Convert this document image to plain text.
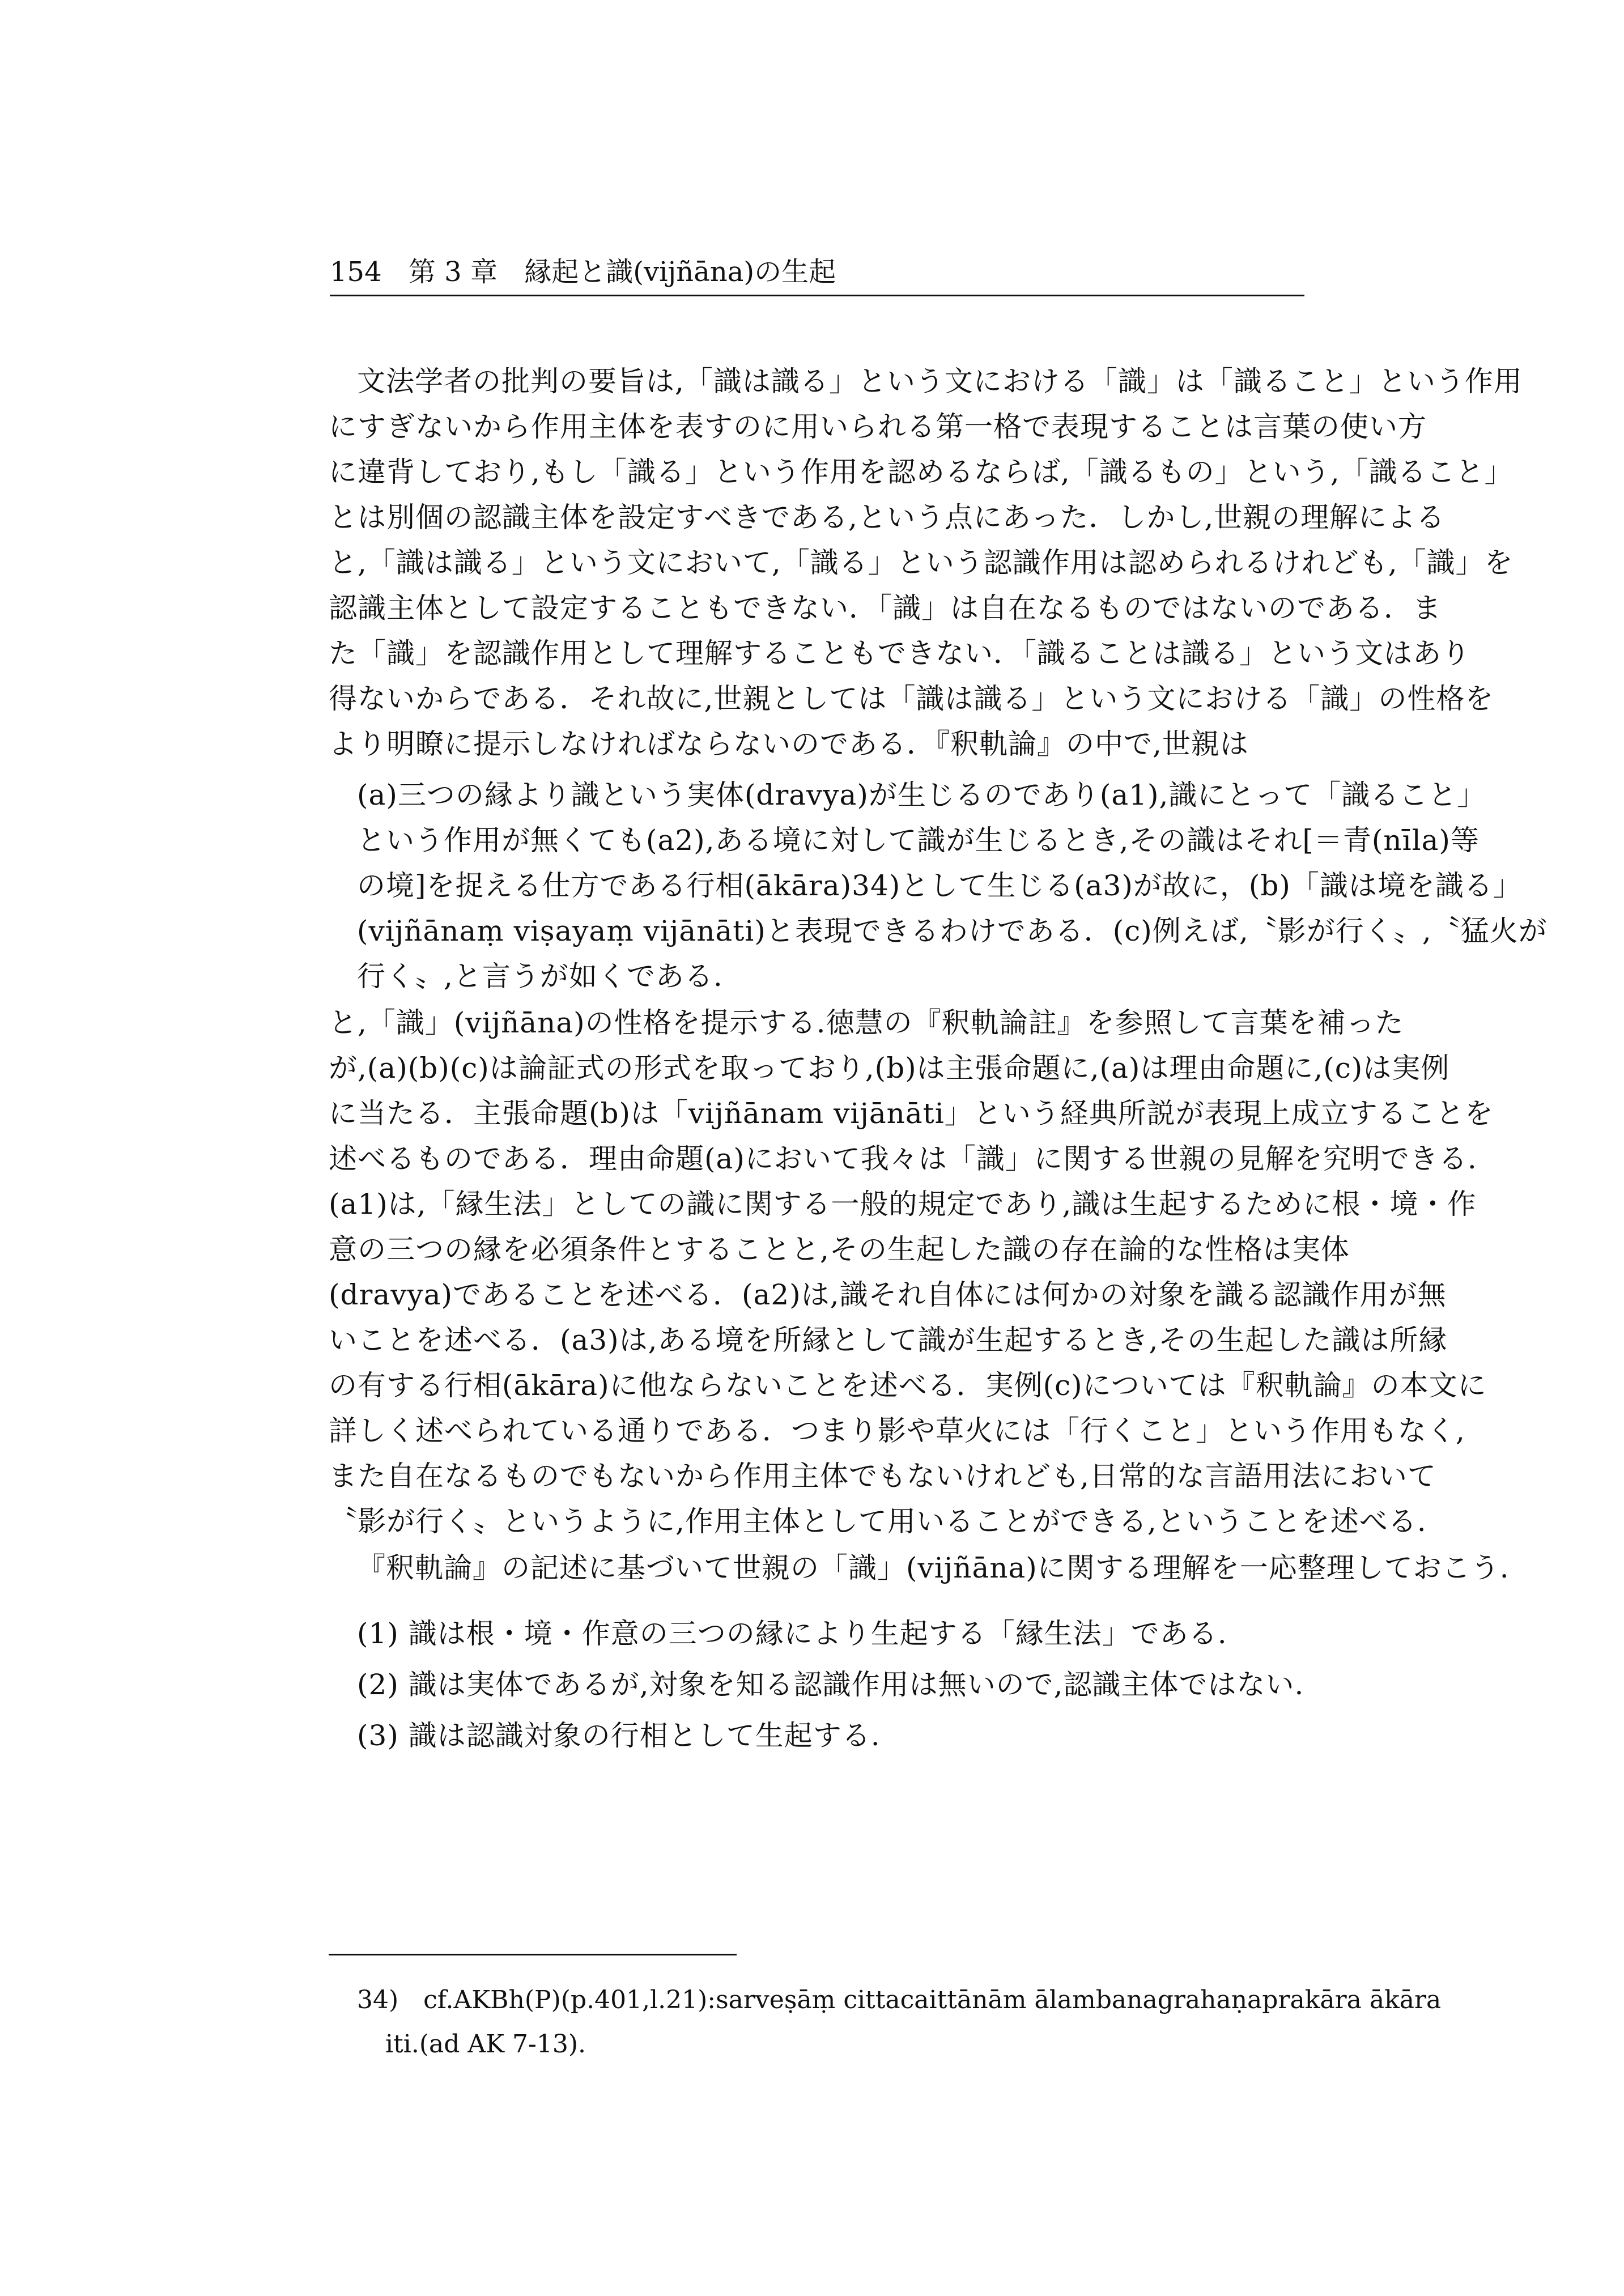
154 第 3 章 縁起と識(vijñāna)の生起
文法学者の批判の要旨は,「識は識る」という文における「識」は「識ること」という作用
にすぎないから作用主体を表すのに用いられる第一格で表現することは言葉の使い方
に違背しており,もし「識る」という作用を認めるならば,「識るもの」という,「識ること」
とは別個の認識主体を設定すべきである,という点にあった．しかし,世親の理解による
と,「識は識る」という文において,「識る」という認識作用は認められるけれども,「識」を
認識主体として設定することもできない．「識」は自在なるものではないのである．ま
た「識」を認識作用として理解することもできない．「識ることは識る」という文はあり
得ないからである．それ故に,世親としては「識は識る」という文における「識」の性格を
より明瞭に提示しなければならないのである．『釈軌論』の中で,世親は
(a)三つの縁より識という実体(dravya)が生じるのであり(a1),識にとって「識ること」
という作用が無くても(a2),ある境に対して識が生じるとき,その識はそれ[＝青(nīla)等
の境]を捉える仕方である行相(ākāra)34)として生じる(a3)が故に，(b)「識は境を識る」
(vijñānaṃ viṣayaṃ vijānāti)と表現できるわけである．(c)例えば,〝影が行く〟,〝猛火が
行く〟,と言うが如くである.
と,「識」(vijñāna)の性格を提示する.徳慧の『釈軌論註』を参照して言葉を補った
が,(a)(b)(c)は論証式の形式を取っており,(b)は主張命題に,(a)は理由命題に,(c)は実例
に当たる．主張命題(b)は「vijñānam vijānāti」という経典所説が表現上成立することを
述べるものである．理由命題(a)において我々は「識」に関する世親の見解を究明できる.
(a1)は,「縁生法」としての識に関する一般的規定であり,識は生起するために根・境・作
意の三つの縁を必須条件とすることと,その生起した識の存在論的な性格は実体
(dravya)であることを述べる．(a2)は,識それ自体には何かの対象を識る認識作用が無
いことを述べる．(a3)は,ある境を所縁として識が生起するとき,その生起した識は所縁
の有する行相(ākāra)に他ならないことを述べる．実例(c)については『釈軌論』の本文に
詳しく述べられている通りである．つまり影や草火には「行くこと」という作用もなく,
また自在なるものでもないから作用主体でもないけれども,日常的な言語用法において
〝影が行く〟というように,作用主体として用いることができる,ということを述べる.
『釈軌論』の記述に基づいて世親の「識」(vijñāna)に関する理解を一応整理しておこう.
(1) 識は根・境・作意の三つの縁により生起する「縁生法」である.
(2) 識は実体であるが,対象を知る認識作用は無いので,認識主体ではない.
(3) 識は認識対象の行相として生起する.
34)　cf.AKBh(P)(p.401,l.21):sarveṣāṃ cittacaittānām ālambanagrahaṇaprakāra ākāra
iti.(ad AK 7-13).
